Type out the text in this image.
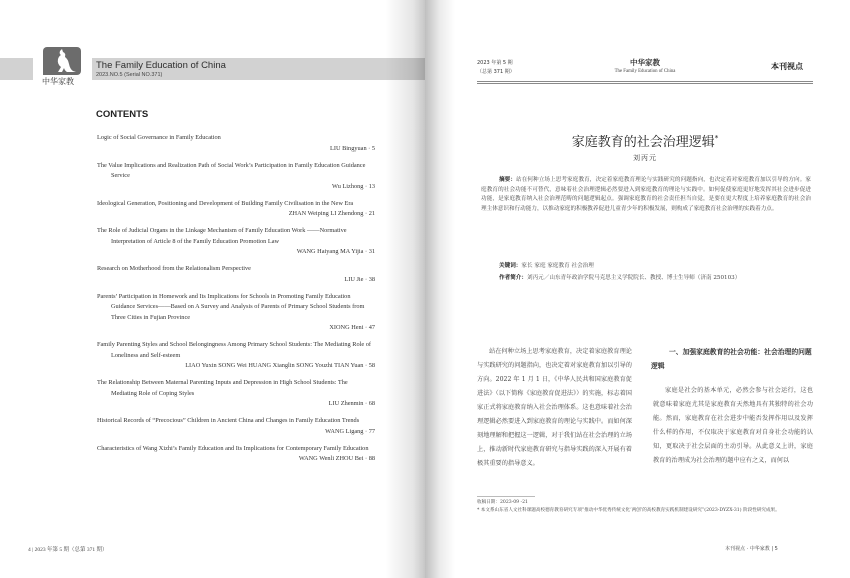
中华家教
The Family Education of China
2023.NO.5 (Serial NO.371)
CONTENTS
Logic of Social Governance in Family Education
LIU Bingyuan · 5
The Value Implications and Realization Path of Social Work’s Participation in Family Education Guidance Service
Wu Lizhong · 13
Ideological Generation, Positioning and Development of Building Family Civilisation in the New Era
ZHAN Weiping LI Zhendong · 21
The Role of Judicial Organs in the Linkage Mechanism of Family Education Work ——Normative Interpretation of Article 8 of the Family Education Promotion Law
WANG Haiyang MA Yijia · 31
Research on Motherhood from the Relationalism Perspective
LIU Jie · 38
Parents’ Participation in Homework and Its Implications for Schools in Promoting Family Education Guidance Services——Based on A Survey and Analysis of Parents of Primary School Students from Three Cities in Fujian Province
XIONG Heni · 47
Family Parenting Styles and School Belongingness Among Primary School Students: The Mediating Role of Loneliness and Self-esteem
LIAO Yuxin SONG Wei HUANG Xianglin SONG Youzhi TIAN Yuan · 58
The Relationship Between Maternal Parenting Inputs and Depression in High School Students: The Mediating Role of Coping Styles
LIU Zhenmin · 68
Historical Records of “Precocious” Children in Ancient China and Changes in Family Education Trends
WANG Ligang · 77
Characteristics of Wang Xizhi’s Family Education and Its Implications for Contemporary Family Education
WANG Wenli ZHOU Bei · 88
4 | 2023 年第 5 期（总第 371 期）
2023 年第 5 期
（总第 371 期）
中华家教
The Family Education of China
本刊视点
家庭教育的社会治理逻辑*
刘丙元
摘要：站在何种立场上思考家庭教育，决定着家庭教育理论与实践研究的问题指向，也决定着对家庭教育加以引导的方向。家庭教育的社会功能不可替代，意味着社会治理逻辑必然要进入到家庭教育的理论与实践中。如何促使家庭更好地发挥其社会进步促进功能，是家庭教育纳入社会治理范畴的问题逻辑起点。强调家庭教育的社会责任担当自觉，是要在更大程度上培养家庭教育的社会治理主体意识和行动能力，以推动家庭的积极教养促进儿童青少年的积极发展，则构成了家庭教育社会治理的实践着力点。
关键词：家长 家庭 家庭教育 社会治理
作者简介：刘丙元／山东青年政治学院马克思主义学院院长、教授、博士生导师（济南 250103）
站在何种立场上思考家庭教育，决定着家庭教育理论与实践研究的问题指向，也决定着对家庭教育加以引导的方向。2022 年 1 月 1 日，《中华人民共和国家庭教育促进法》（以下简称《家庭教育促进法》）的实施，标志着国家正式将家庭教育纳入社会治理体系。这也意味着社会治理逻辑必然要进入到家庭教育的理论与实践中。而如何深刻地理解和把握这一逻辑，对于我们站在社会治理的立场上，推动新时代家庭教育研究与指导实践的深入开展有着极其重要的指导意义。
一、加强家庭教育的社会功能：社会治理的问题逻辑
家庭是社会的基本单元，必然会参与社会运行，这也就意味着家庭尤其是家庭教育天然地具有其独特的社会功能。然而，家庭教育在社会进步中能否发挥作用以及发挥什么样的作用，不仅取决于家庭教育对自身社会功能的认知，更取决于社会层面的主动引导。从此意义上讲，家庭教育的治理成为社会治理的题中应有之义，而何以
收稿日期：2023-09 -21
* 本文系山东省人文社科课题高校德育教育研究专项“推动中华优秀传统文化‘两创’的高校教育实践机制建设研究”(2023-DYZX-31) 阶段性研究成果。
本刊视点 · 中华家教 | 5
